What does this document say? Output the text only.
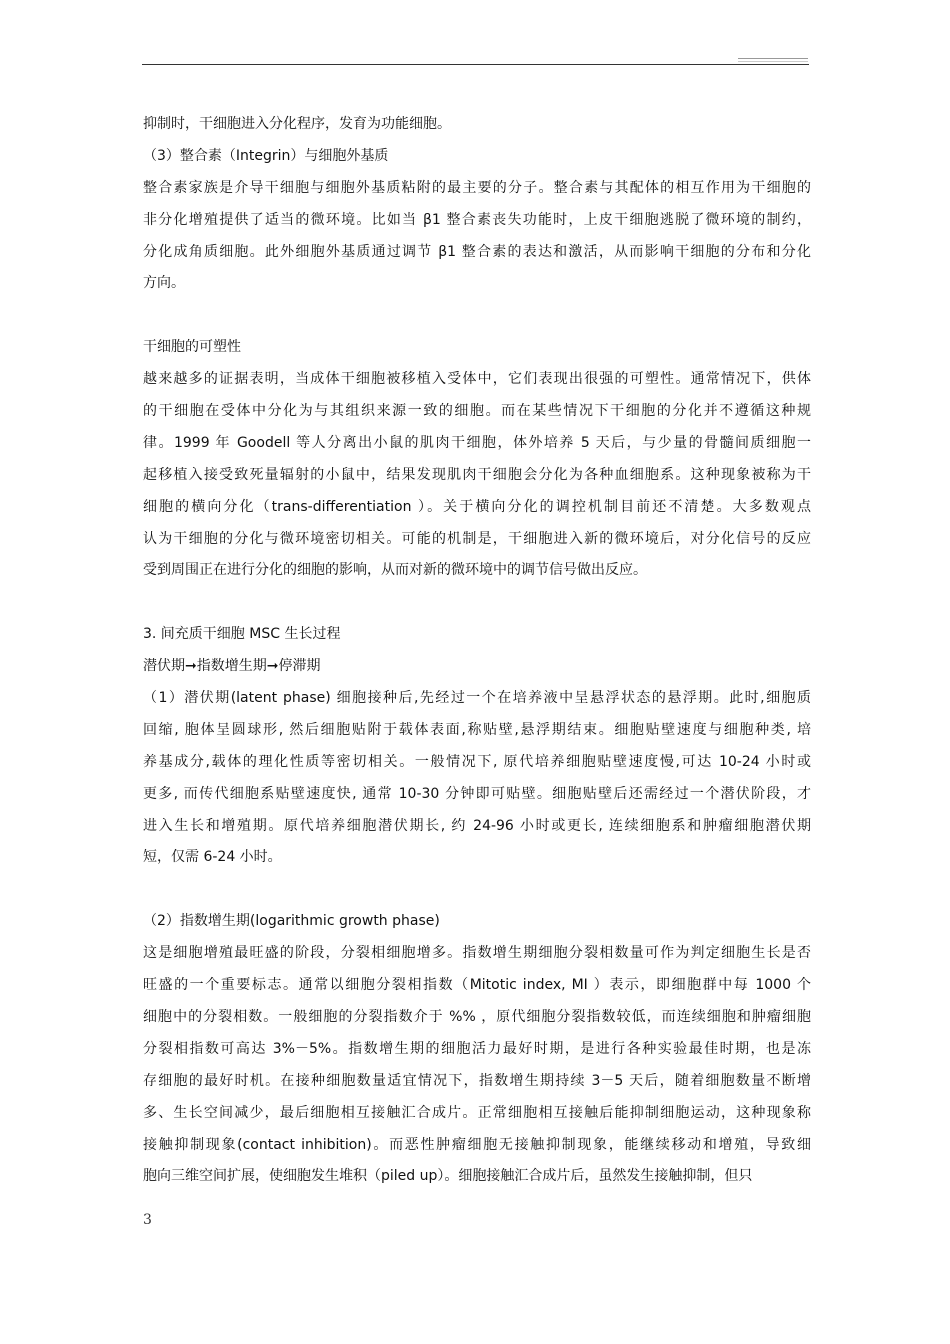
抑制时，干细胞进入分化程序，发育为功能细胞。
（3）整合素（Integrin）与细胞外基质
整合素家族是介导干细胞与细胞外基质粘附的最主要的分子。整合素与其配体的相互作用为干细胞的
非分化增殖提供了适当的微环境。比如当 β1 整合素丧失功能时，上皮干细胞逃脱了微环境的制约，
分化成角质细胞。此外细胞外基质通过调节 β1 整合素的表达和激活，从而影响干细胞的分布和分化
方向。
干细胞的可塑性
越来越多的证据表明，当成体干细胞被移植入受体中，它们表现出很强的可塑性。通常情况下，供体
的干细胞在受体中分化为与其组织来源一致的细胞。而在某些情况下干细胞的分化并不遵循这种规
律。1999 年 Goodell 等人分离出小鼠的肌肉干细胞，体外培养 5 天后，与少量的骨髓间质细胞一
起移植入接受致死量辐射的小鼠中，结果发现肌肉干细胞会分化为各种血细胞系。这种现象被称为干
细胞的横向分化（trans-differentiation ）。关于横向分化的调控机制目前还不清楚。大多数观点
认为干细胞的分化与微环境密切相关。可能的机制是，干细胞进入新的微环境后，对分化信号的反应
受到周围正在进行分化的细胞的影响，从而对新的微环境中的调节信号做出反应。
3. 间充质干细胞 MSC 生长过程
潜伏期➞指数增生期➞停滞期
（1）潜伏期(latent phase) 细胞接种后,先经过一个在培养液中呈悬浮状态的悬浮期。此时,细胞质
回缩, 胞体呈圆球形, 然后细胞贴附于载体表面,称贴壁,悬浮期结束。细胞贴壁速度与细胞种类, 培
养基成分,载体的理化性质等密切相关。一般情况下, 原代培养细胞贴壁速度慢,可达 10-24 小时或
更多, 而传代细胞系贴壁速度快, 通常 10-30 分钟即可贴壁。细胞贴壁后还需经过一个潜伏阶段，才
进入生长和增殖期。原代培养细胞潜伏期长, 约 24-96 小时或更长, 连续细胞系和肿瘤细胞潜伏期
短，仅需 6-24 小时。
（2）指数增生期(logarithmic growth phase)
这是细胞增殖最旺盛的阶段，分裂相细胞增多。指数增生期细胞分裂相数量可作为判定细胞生长是否
旺盛的一个重要标志。通常以细胞分裂相指数（Mitotic index, MI ）表示，即细胞群中每 1000 个
细胞中的分裂相数。一般细胞的分裂指数介于 %% ，原代细胞分裂指数较低，而连续细胞和肿瘤细胞
分裂相指数可高达 3%－5%。指数增生期的细胞活力最好时期，是进行各种实验最佳时期，也是冻
存细胞的最好时机。在接种细胞数量适宜情况下，指数增生期持续 3－5 天后，随着细胞数量不断增
多、生长空间减少，最后细胞相互接触汇合成片。正常细胞相互接触后能抑制细胞运动，这种现象称
接触抑制现象(contact inhibition)。而恶性肿瘤细胞无接触抑制现象，能继续移动和增殖，导致细
胞向三维空间扩展，使细胞发生堆积（piled up）。细胞接触汇合成片后，虽然发生接触抑制，但只
3
